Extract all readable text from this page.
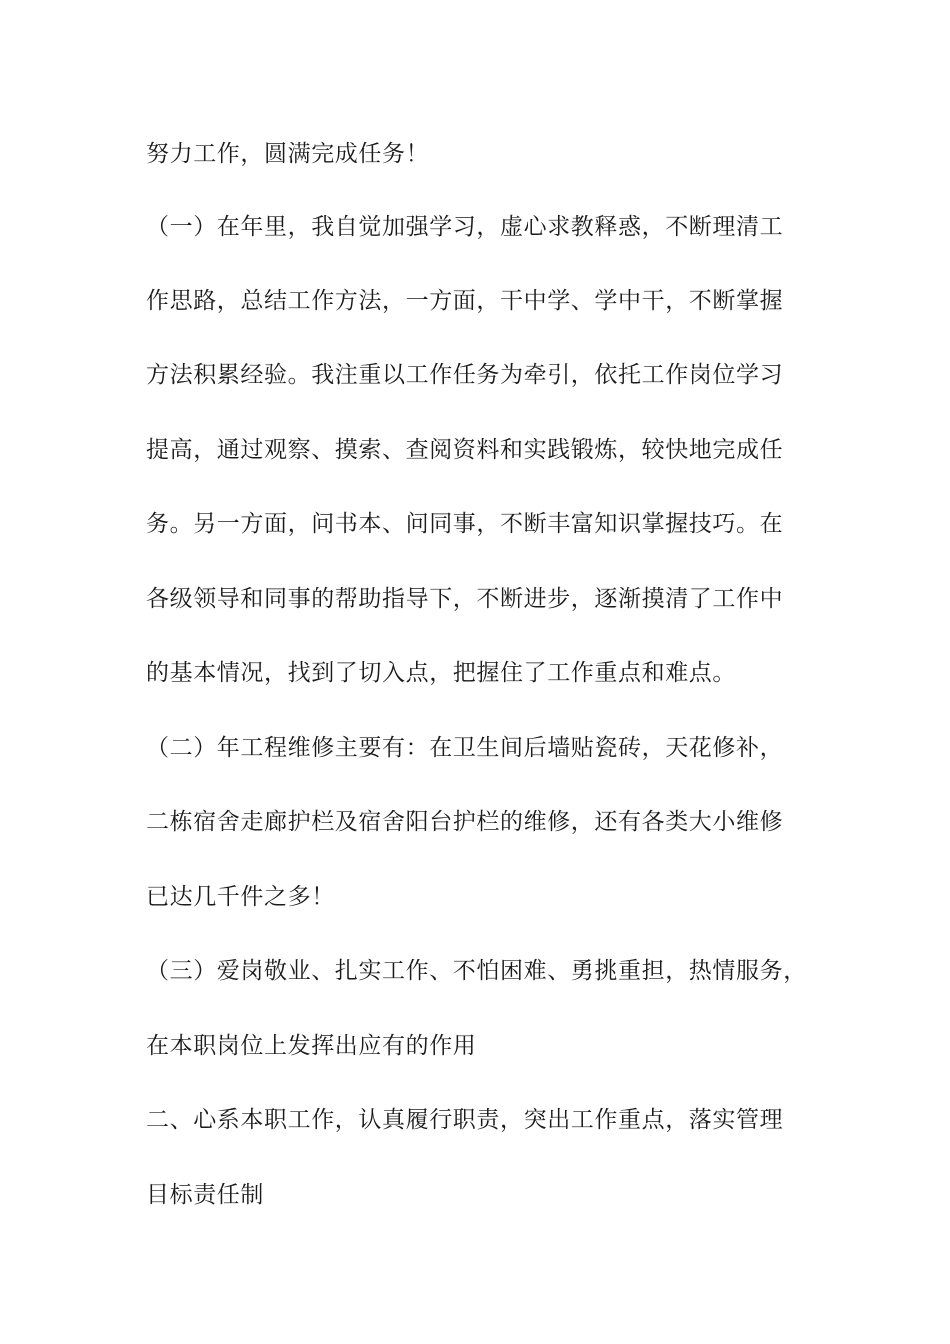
努力工作，圆满完成任务！
（一）在年里，我自觉加强学习，虚心求教释惑，不断理清工
作思路，总结工作方法，一方面，干中学、学中干，不断掌握
方法积累经验。我注重以工作任务为牵引，依托工作岗位学习
提高，通过观察、摸索、查阅资料和实践锻炼，较快地完成任
务。另一方面，问书本、问同事，不断丰富知识掌握技巧。在
各级领导和同事的帮助指导下，不断进步，逐渐摸清了工作中
的基本情况，找到了切入点，把握住了工作重点和难点。
（二）年工程维修主要有：在卫生间后墙贴瓷砖，天花修补，
二栋宿舍走廊护栏及宿舍阳台护栏的维修，还有各类大小维修
已达几千件之多！
（三）爱岗敬业、扎实工作、不怕困难、勇挑重担，热情服务，
在本职岗位上发挥出应有的作用
二、心系本职工作，认真履行职责，突出工作重点，落实管理
目标责任制
